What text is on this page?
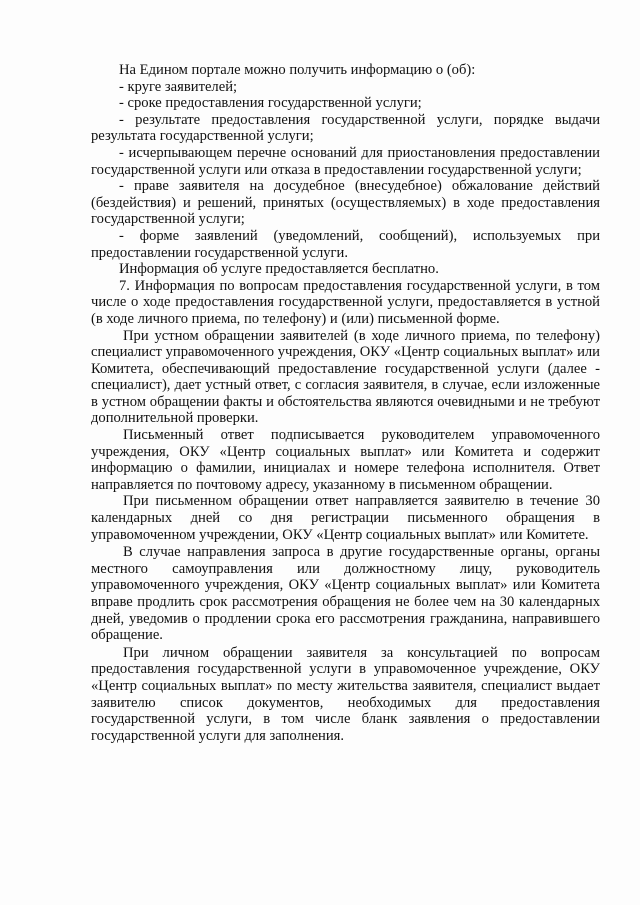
На Едином портале можно получить информацию о (об):

- круге заявителей;

- сроке предоставления государственной услуги;

- результате предоставления государственной услуги, порядке выдачи результата государственной услуги;

- исчерпывающем перечне оснований для приостановления предоставлении государственной услуги или отказа в предоставлении государственной услуги;

- праве заявителя на досудебное (внесудебное) обжалование действий (бездействия) и решений, принятых (осуществляемых) в ходе предоставления государственной услуги;

- форме заявлений (уведомлений, сообщений), используемых при предоставлении государственной услуги.

Информация об услуге предоставляется бесплатно.

7. Информация по вопросам предоставления государственной услуги, в том числе о ходе предоставления государственной услуги, предоставляется в устной (в ходе личного приема, по телефону) и (или) письменной форме.

При устном обращении заявителей (в ходе личного приема, по телефону) специалист управомоченного учреждения, ОКУ «Центр социальных выплат» или Комитета, обеспечивающий предоставление государственной услуги (далее - специалист), дает устный ответ, с согласия заявителя, в случае, если изложенные в устном обращении факты и обстоятельства являются очевидными и не требуют дополнительной проверки.

Письменный ответ подписывается руководителем управомоченного учреждения, ОКУ «Центр социальных выплат» или Комитета и содержит информацию о фамилии, инициалах и номере телефона исполнителя. Ответ направляется по почтовому адресу, указанному в письменном обращении.

При письменном обращении ответ направляется заявителю в течение 30 календарных дней со дня регистрации письменного обращения в управомоченном учреждении, ОКУ «Центр социальных выплат» или Комитете.

В случае направления запроса в другие государственные органы, органы местного самоуправления или должностному лицу, руководитель управомоченного учреждения, ОКУ «Центр социальных выплат» или Комитета вправе продлить срок рассмотрения обращения не более чем на 30 календарных дней, уведомив о продлении срока его рассмотрения гражданина, направившего обращение.

При личном обращении заявителя за консультацией по вопросам предоставления государственной услуги в управомоченное учреждение, ОКУ «Центр социальных выплат» по месту жительства заявителя, специалист выдает заявителю список документов, необходимых для предоставления государственной услуги, в том числе бланк заявления о предоставлении государственной услуги для заполнения.
